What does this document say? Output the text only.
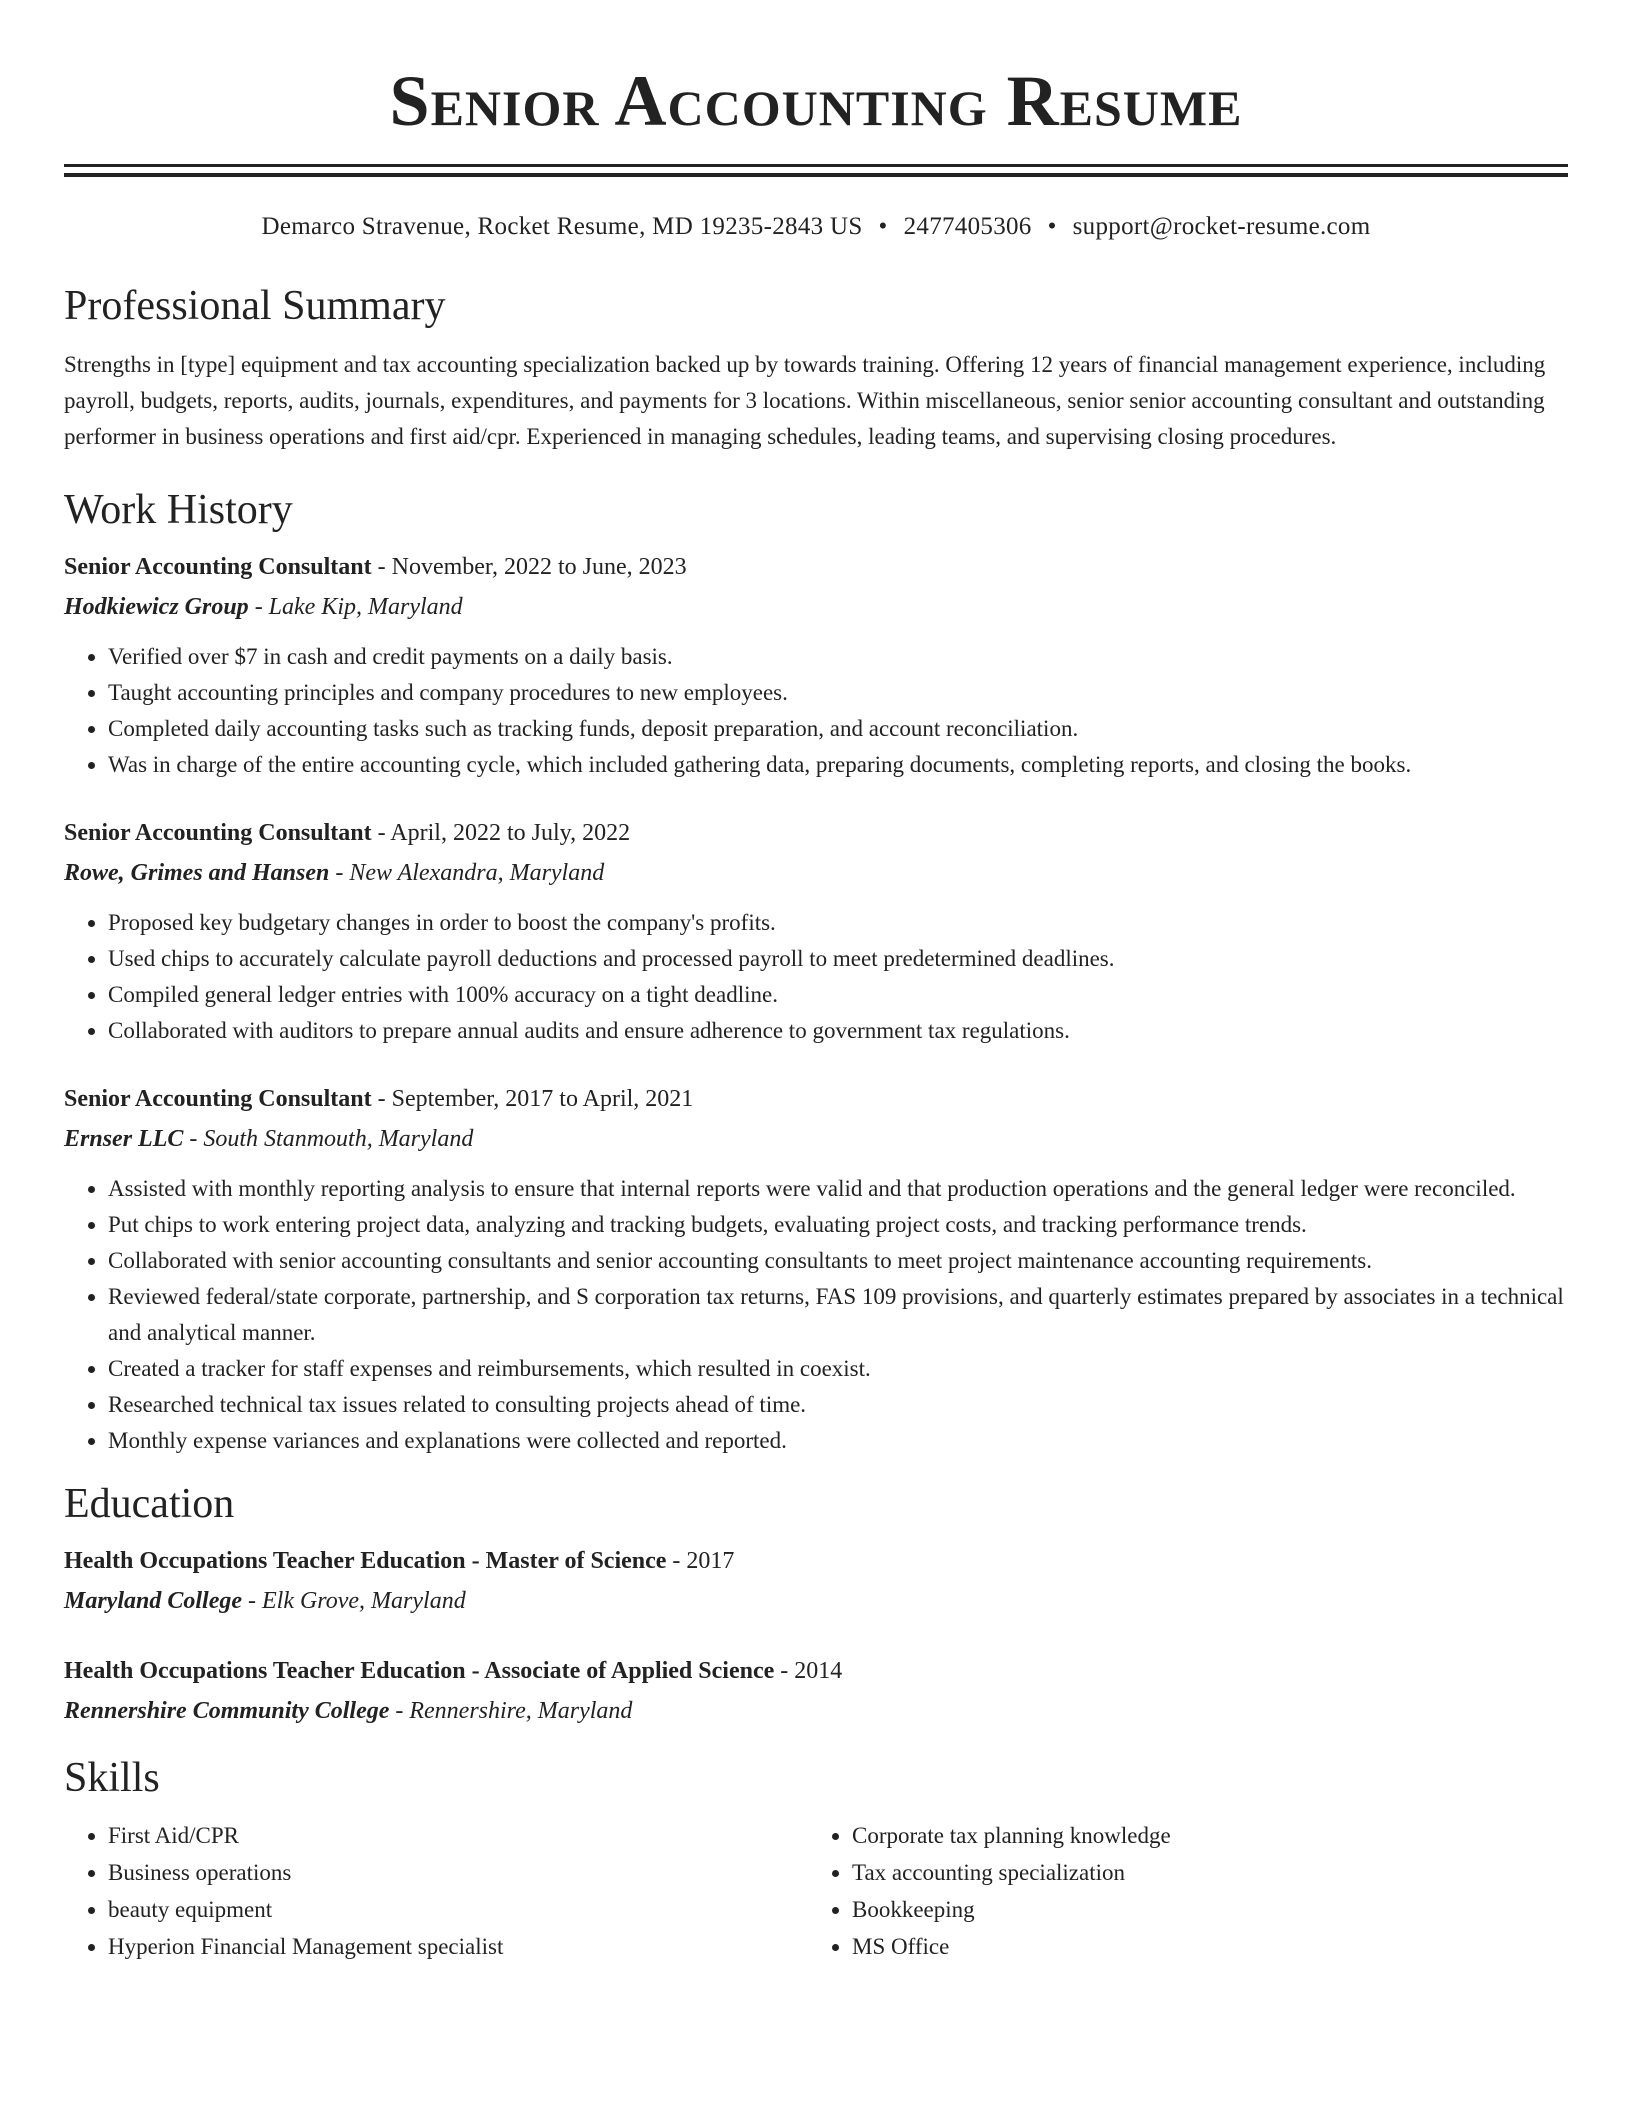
Senior Accounting Resume
Demarco Stravenue, Rocket Resume, MD 19235-2843 US • 2477405306 • support@rocket-resume.com
Professional Summary

Strengths in [type] equipment and tax accounting specialization backed up by towards training. Offering 12 years of financial management experience, including payroll, budgets, reports, audits, journals, expenditures, and payments for 3 locations. Within miscellaneous, senior senior accounting consultant and outstanding performer in business operations and first aid/cpr. Experienced in managing schedules, leading teams, and supervising closing procedures.

Work History
Senior Accounting Consultant - November, 2022 to June, 2023
Hodkiewicz Group - Lake Kip, Maryland
• Verified over $7 in cash and credit payments on a daily basis.
• Taught accounting principles and company procedures to new employees.
• Completed daily accounting tasks such as tracking funds, deposit preparation, and account reconciliation.
• Was in charge of the entire accounting cycle, which included gathering data, preparing documents, completing reports, and closing the books.
Senior Accounting Consultant - April, 2022 to July, 2022
Rowe, Grimes and Hansen - New Alexandra, Maryland
• Proposed key budgetary changes in order to boost the company's profits.
• Used chips to accurately calculate payroll deductions and processed payroll to meet predetermined deadlines.
• Compiled general ledger entries with 100% accuracy on a tight deadline.
• Collaborated with auditors to prepare annual audits and ensure adherence to government tax regulations.
Senior Accounting Consultant - September, 2017 to April, 2021
Ernser LLC - South Stanmouth, Maryland
• Assisted with monthly reporting analysis to ensure that internal reports were valid and that production operations and the general ledger were reconciled.
• Put chips to work entering project data, analyzing and tracking budgets, evaluating project costs, and tracking performance trends.
• Collaborated with senior accounting consultants and senior accounting consultants to meet project maintenance accounting requirements.
• Reviewed federal/state corporate, partnership, and S corporation tax returns, FAS 109 provisions, and quarterly estimates prepared by associates in a technical and analytical manner.
• Created a tracker for staff expenses and reimbursements, which resulted in coexist.
• Researched technical tax issues related to consulting projects ahead of time.
• Monthly expense variances and explanations were collected and reported.
Education
Health Occupations Teacher Education - Master of Science - 2017
Maryland College - Elk Grove, Maryland
Health Occupations Teacher Education - Associate of Applied Science - 2014
Rennershire Community College - Rennershire, Maryland
Skills
• First Aid/CPR
• Business operations
• beauty equipment
• Hyperion Financial Management specialist
• Corporate tax planning knowledge
• Tax accounting specialization
• Bookkeeping
• MS Office
